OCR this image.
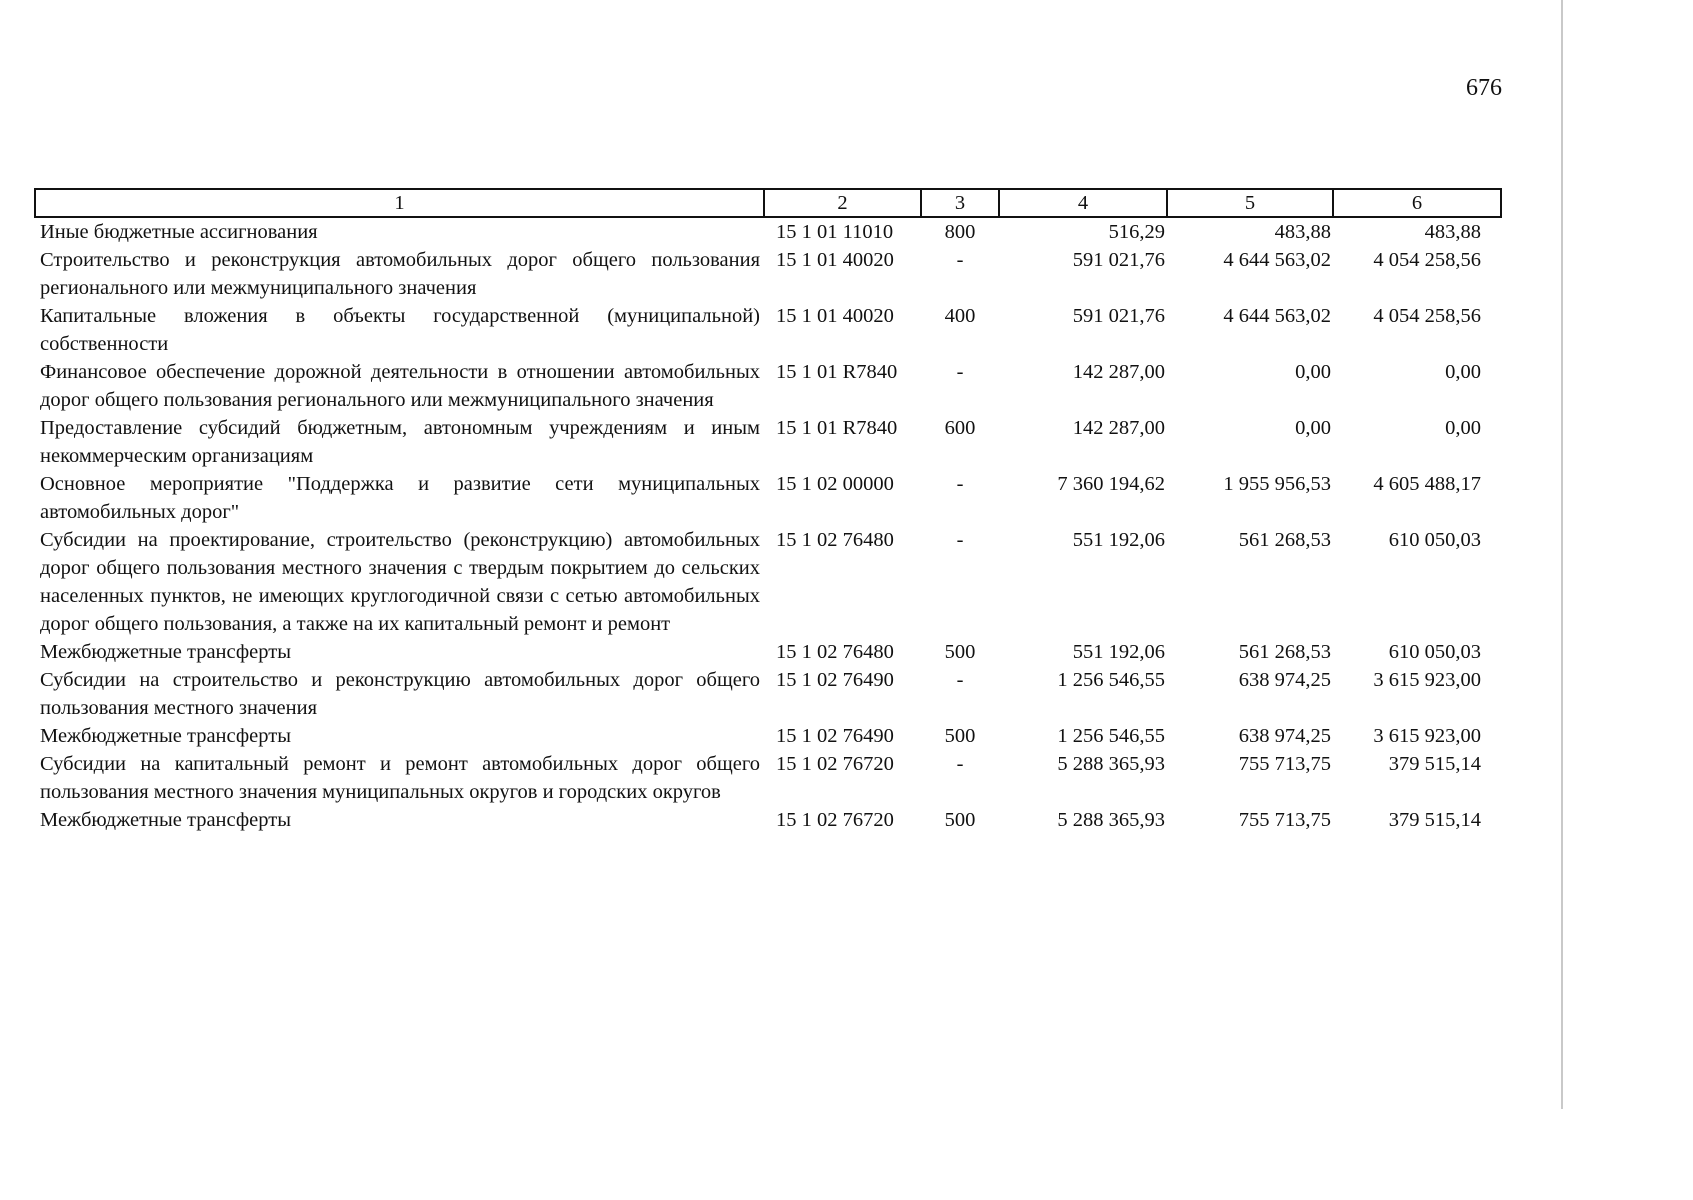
676
1	2	3	4	5	6
Иные бюджетные ассигнования	15 1 01 11010	800	516,29	483,88	483,88
Строительство и реконструкция автомобильных дорог общего пользования регионального или межмуниципального значения	15 1 01 40020	-	591 021,76	4 644 563,02	4 054 258,56
Капитальные вложения в объекты государственной (муниципальной) собственности	15 1 01 40020	400	591 021,76	4 644 563,02	4 054 258,56
Финансовое обеспечение дорожной деятельности в отношении автомобильных дорог общего пользования регионального или межмуниципального значения	15 1 01 R7840	-	142 287,00	0,00	0,00
Предоставление субсидий бюджетным, автономным учреждениям и иным некоммерческим организациям	15 1 01 R7840	600	142 287,00	0,00	0,00
Основное мероприятие "Поддержка и развитие сети муниципальных автомобильных дорог"	15 1 02 00000	-	7 360 194,62	1 955 956,53	4 605 488,17
Субсидии на проектирование, строительство (реконструкцию) автомобильных дорог общего пользования местного значения с твердым покрытием до сельских населенных пунктов, не имеющих круглогодичной связи с сетью автомобильных дорог общего пользования, а также на их капитальный ремонт и ремонт	15 1 02 76480	-	551 192,06	561 268,53	610 050,03
Межбюджетные трансферты	15 1 02 76480	500	551 192,06	561 268,53	610 050,03
Субсидии на строительство и реконструкцию автомобильных дорог общего пользования местного значения	15 1 02 76490	-	1 256 546,55	638 974,25	3 615 923,00
Межбюджетные трансферты	15 1 02 76490	500	1 256 546,55	638 974,25	3 615 923,00
Субсидии на капитальный ремонт и ремонт автомобильных дорог общего пользования местного значения муниципальных округов и городских округов	15 1 02 76720	-	5 288 365,93	755 713,75	379 515,14
Межбюджетные трансферты	15 1 02 76720	500	5 288 365,93	755 713,75	379 515,14
